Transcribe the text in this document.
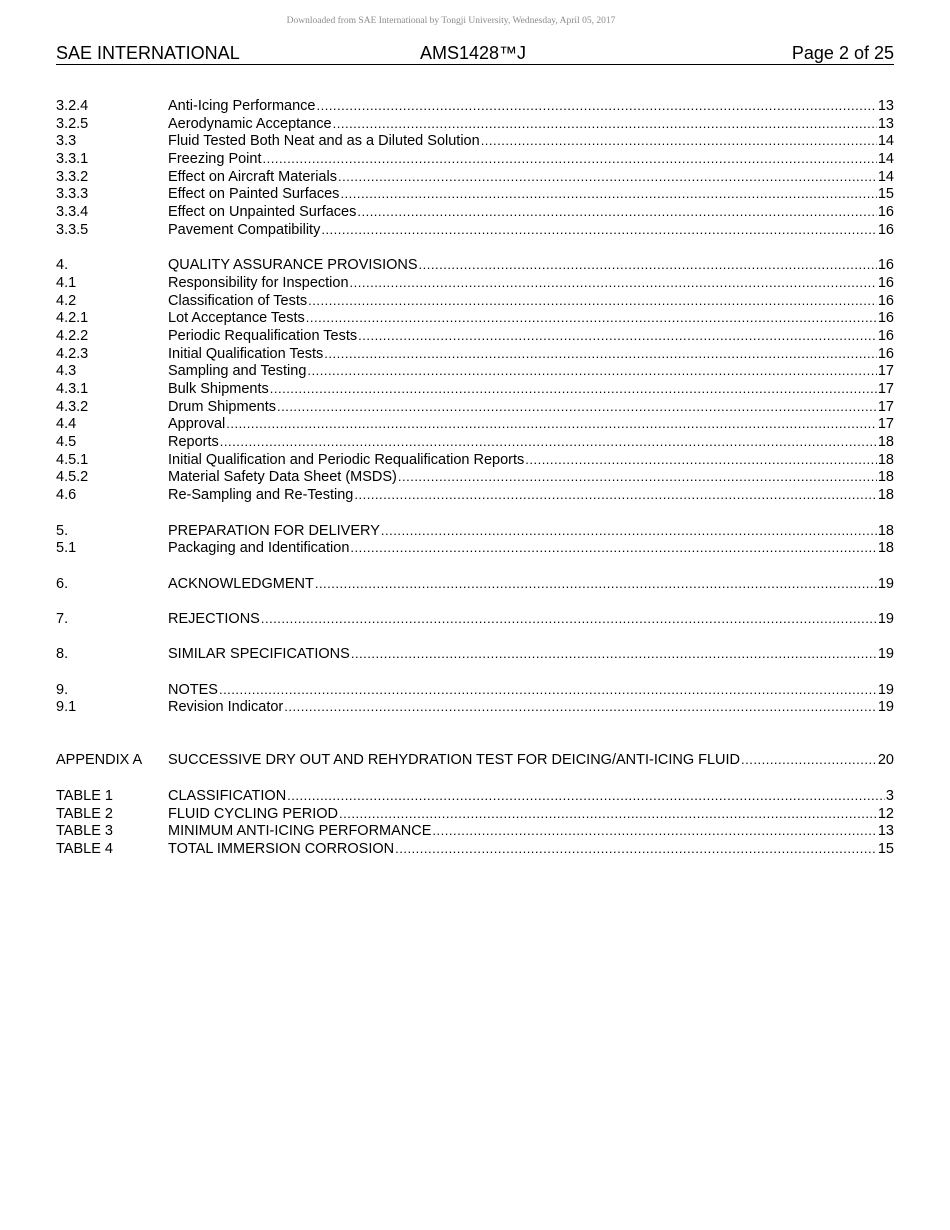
Downloaded from SAE International by Tongji University, Wednesday, April 05, 2017
SAE INTERNATIONAL	AMS1428™J	Page 2 of 25
3.2.4	Anti-Icing Performance .....	13
3.2.5	Aerodynamic Acceptance .....	13
3.3	Fluid Tested Both Neat and as a Diluted Solution .....	14
3.3.1	Freezing Point .....	14
3.3.2	Effect on Aircraft Materials .....	14
3.3.3	Effect on Painted Surfaces .....	15
3.3.4	Effect on Unpainted Surfaces .....	16
3.3.5	Pavement Compatibility .....	16
4.	QUALITY ASSURANCE PROVISIONS .....	16
4.1	Responsibility for Inspection .....	16
4.2	Classification of Tests .....	16
4.2.1	Lot Acceptance Tests .....	16
4.2.2	Periodic Requalification Tests .....	16
4.2.3	Initial Qualification Tests .....	16
4.3	Sampling and Testing .....	17
4.3.1	Bulk Shipments .....	17
4.3.2	Drum Shipments .....	17
4.4	Approval .....	17
4.5	Reports .....	18
4.5.1	Initial Qualification and Periodic Requalification Reports .....	18
4.5.2	Material Safety Data Sheet (MSDS) .....	18
4.6	Re-Sampling and Re-Testing .....	18
5.	PREPARATION FOR DELIVERY .....	18
5.1	Packaging and Identification .....	18
6.	ACKNOWLEDGMENT .....	19
7.	REJECTIONS .....	19
8.	SIMILAR SPECIFICATIONS .....	19
9.	NOTES .....	19
9.1	Revision Indicator .....	19
APPENDIX A	SUCCESSIVE DRY OUT AND REHYDRATION TEST FOR DEICING/ANTI-ICING FLUID .....	20
TABLE 1	CLASSIFICATION .....	3
TABLE 2	FLUID CYCLING PERIOD .....	12
TABLE 3	MINIMUM ANTI-ICING PERFORMANCE .....	13
TABLE 4	TOTAL IMMERSION CORROSION .....	15
